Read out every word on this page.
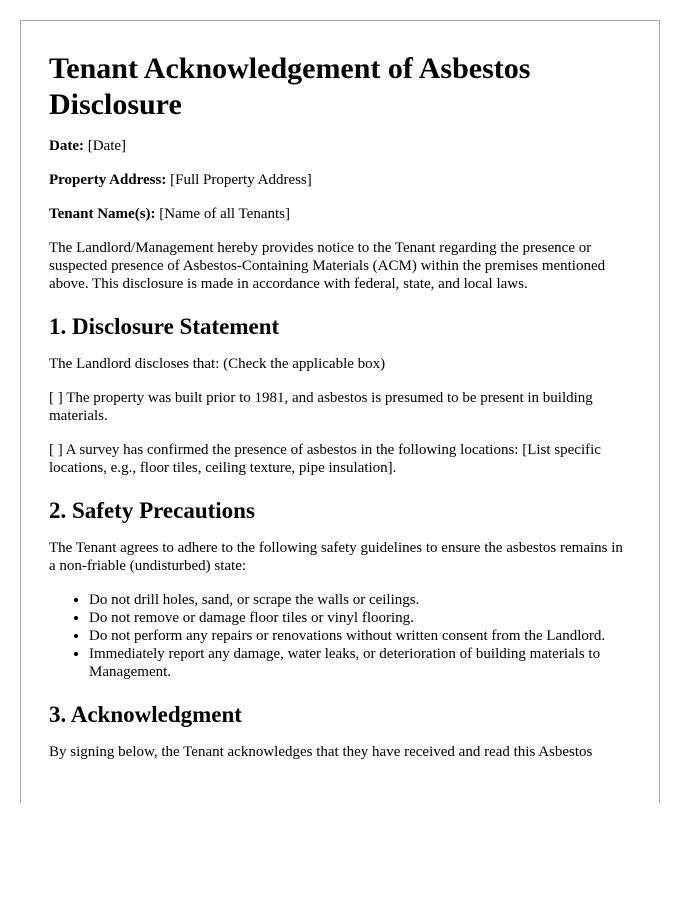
Tenant Acknowledgement of Asbestos Disclosure

Date: [Date]

Property Address: [Full Property Address]

Tenant Name(s): [Name of all Tenants]

The Landlord/Management hereby provides notice to the Tenant regarding the presence or suspected presence of Asbestos-Containing Materials (ACM) within the premises mentioned above. This disclosure is made in accordance with federal, state, and local laws.

1. Disclosure Statement

The Landlord discloses that: (Check the applicable box)

[ ] The property was built prior to 1981, and asbestos is presumed to be present in building materials.

[ ] A survey has confirmed the presence of asbestos in the following locations: [List specific locations, e.g., floor tiles, ceiling texture, pipe insulation].

2. Safety Precautions

The Tenant agrees to adhere to the following safety guidelines to ensure the asbestos remains in a non-friable (undisturbed) state:

• Do not drill holes, sand, or scrape the walls or ceilings.
• Do not remove or damage floor tiles or vinyl flooring.
• Do not perform any repairs or renovations without written consent from the Landlord.
• Immediately report any damage, water leaks, or deterioration of building materials to Management.
3. Acknowledgment

By signing below, the Tenant acknowledges that they have received and read this Asbestos
